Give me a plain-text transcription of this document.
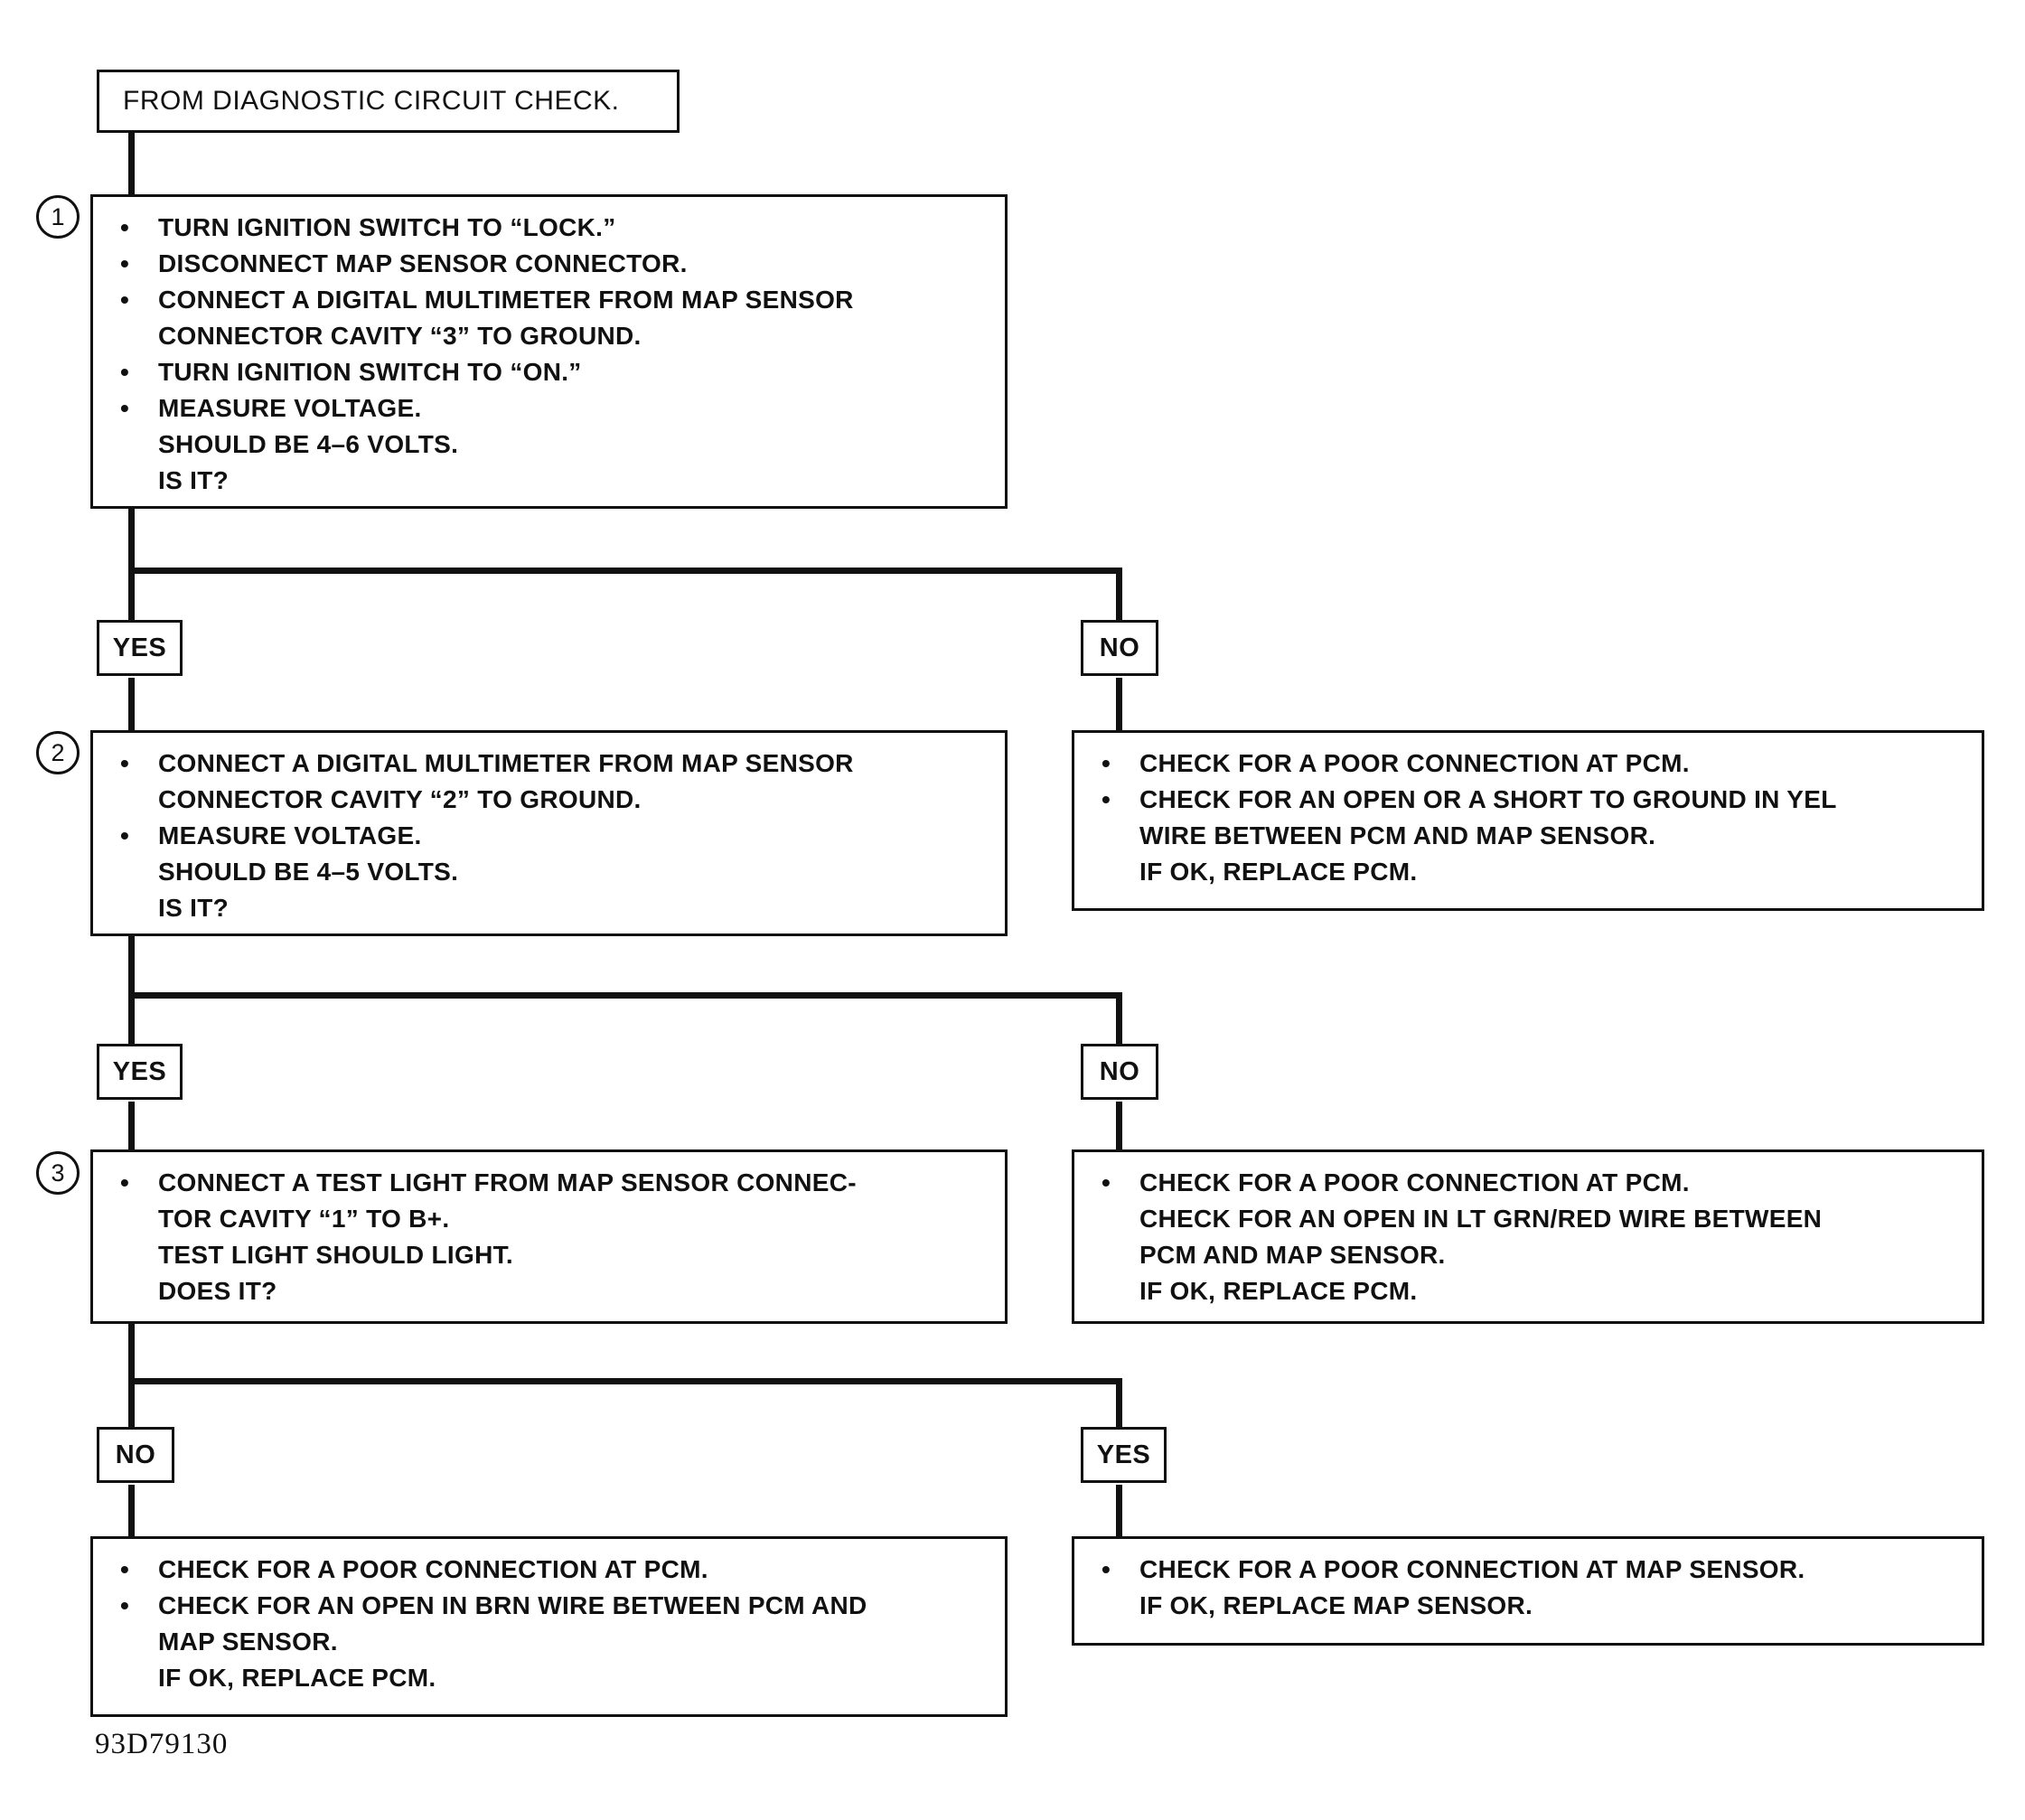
FROM DIAGNOSTIC CIRCUIT CHECK.
1
2
3
•	TURN IGNITION SWITCH TO “LOCK.”
•	DISCONNECT MAP SENSOR CONNECTOR.
•	CONNECT A DIGITAL MULTIMETER FROM MAP SENSOR
CONNECTOR CAVITY “3” TO GROUND.
•	TURN IGNITION SWITCH TO “ON.”
•	MEASURE VOLTAGE.
SHOULD BE 4–6 VOLTS.
IS IT?
YES	NO
•	CONNECT A DIGITAL MULTIMETER FROM MAP SENSOR
CONNECTOR CAVITY “2” TO GROUND.
•	MEASURE VOLTAGE.
SHOULD BE 4–5 VOLTS.
IS IT?
•	CHECK FOR A POOR CONNECTION AT PCM.
•	CHECK FOR AN OPEN OR A SHORT TO GROUND IN YEL
WIRE BETWEEN PCM AND MAP SENSOR.
IF OK, REPLACE PCM.
YES	NO
•	CONNECT A TEST LIGHT FROM MAP SENSOR CONNEC-
TOR CAVITY “1” TO B+.
TEST LIGHT SHOULD LIGHT.
DOES IT?
•	CHECK FOR A POOR CONNECTION AT PCM.
CHECK FOR AN OPEN IN LT GRN/RED WIRE BETWEEN
PCM AND MAP SENSOR.
IF OK, REPLACE PCM.
NO	YES
•	CHECK FOR A POOR CONNECTION AT PCM.
•	CHECK FOR AN OPEN IN BRN WIRE BETWEEN PCM AND
MAP SENSOR.
IF OK, REPLACE PCM.
•	CHECK FOR A POOR CONNECTION AT MAP SENSOR.
IF OK, REPLACE MAP SENSOR.
93D79130
